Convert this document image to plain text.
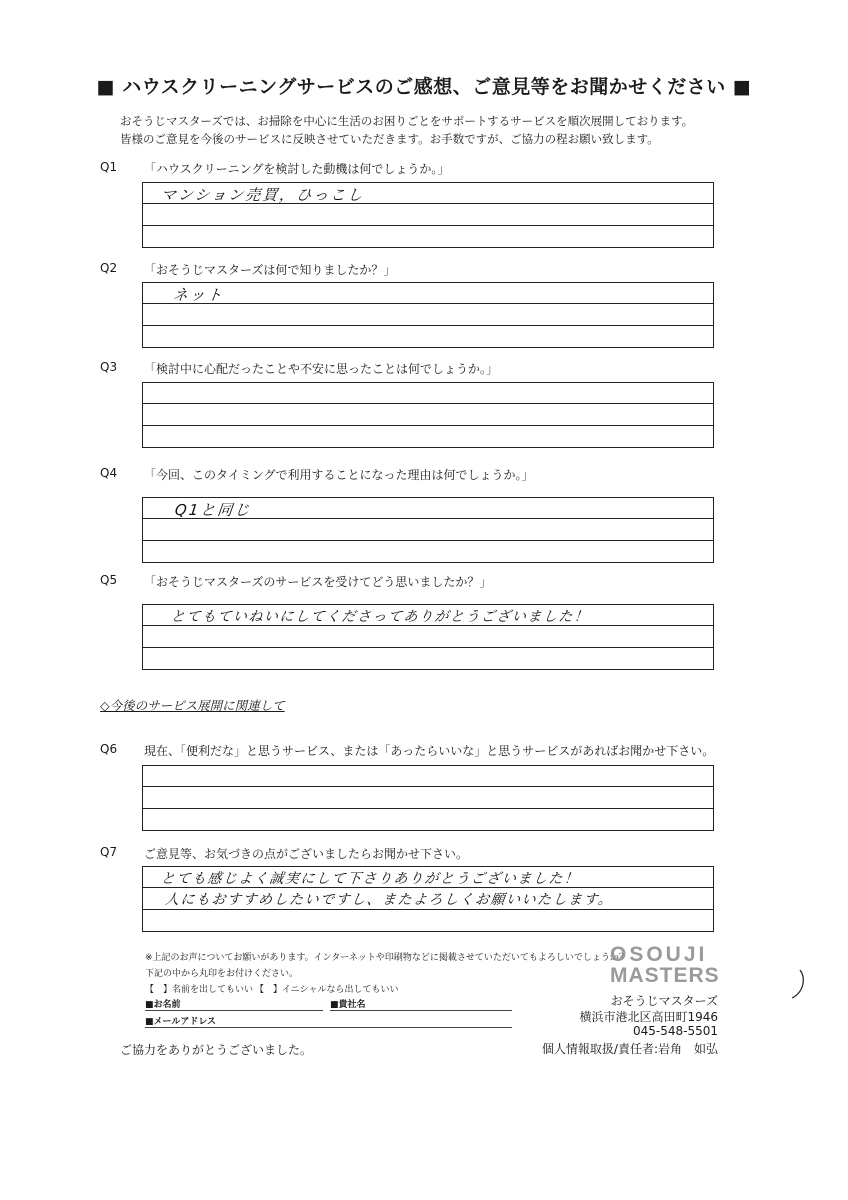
■ ハウスクリーニングサービスのご感想、ご意見等をお聞かせください ■
おそうじマスターズでは、お掃除を中心に生活のお困りごとをサポートするサービスを順次展開しております。
皆様のご意見を今後のサービスに反映させていただきます。お手数ですが、ご協力の程お願い致します。
Q1 「ハウスクリーニングを検討した動機は何でしょうか。」
マンション売買，ひっこし
Q2 「おそうじマスターズは何で知りましたか？」
ネット
Q3 「検討中に心配だったことや不安に思ったことは何でしょうか。」
Q4 「今回、このタイミングで利用することになった理由は何でしょうか。」
Q1と同じ
Q5 「おそうじマスターズのサービスを受けてどう思いましたか？」
とてもていねいにしてくださってありがとうございました！
◇今後のサービス展開に関連して
Q6 現在、「便利だな」と思うサービス、または「あったらいいな」と思うサービスがあればお聞かせ下さい。
Q7 ご意見等、お気づきの点がございましたらお聞かせ下さい。
とても感じよく誠実にして下さりありがとうございました！
人にもおすすめしたいですし、またよろしくお願いいたします。
※上記のお声についてお願いがあります。インターネットや印刷物などに掲載させていただいてもよろしいでしょうか？
下記の中から丸印をお付けください。
【　】名前を出してもいい 【　】イニシャルなら出してもいい
■お名前	■貴社名
■メールアドレス
OSOUJI
MASTERS
おそうじマスターズ
横浜市港北区高田町1946
045-548-5501
個人情報取扱/責任者:岩角　如弘
ご協力をありがとうございました。
